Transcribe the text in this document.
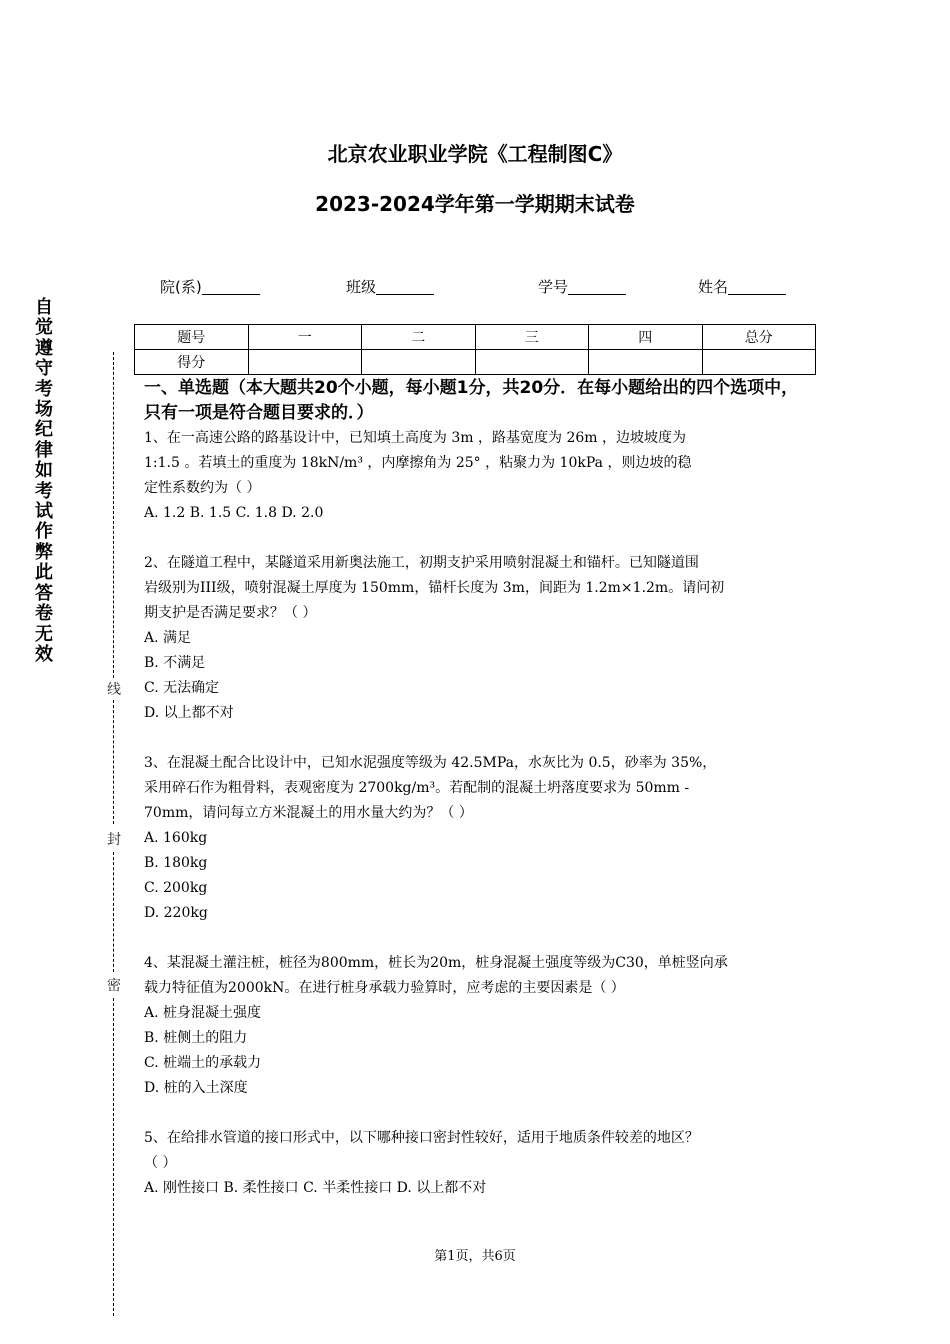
北京农业职业学院《工程制图C》
2023-2024学年第一学期期末试卷
院(系)	班级	学号	姓名
题号	一	二	三	四	总分
得分					
自觉遵守考场纪律如考试作弊此答卷无效
线
封
密
一、单选题（本大题共20个小题，每小题1分，共20分．在每小题给出的四个选项中，只有一项是符合题目要求的．）

1、在一高速公路的路基设计中，已知填土高度为 3m ，路基宽度为 26m ，边坡坡度为

1:1.5 。若填土的重度为 18kN/m³ ，内摩擦角为 25° ，粘聚力为 10kPa ，则边坡的稳

定性系数约为（ ）

A. 1.2 B. 1.5 C. 1.8 D. 2.0

2、在隧道工程中，某隧道采用新奥法施工，初期支护采用喷射混凝土和锚杆。已知隧道围

岩级别为III级，喷射混凝土厚度为 150mm，锚杆长度为 3m，间距为 1.2m×1.2m。请问初

期支护是否满足要求？（ ）

A. 满足

B. 不满足

C. 无法确定

D. 以上都不对

3、在混凝土配合比设计中，已知水泥强度等级为 42.5MPa，水灰比为 0.5，砂率为 35%，

采用碎石作为粗骨料，表观密度为 2700kg/m³。若配制的混凝土坍落度要求为 50mm -

70mm，请问每立方米混凝土的用水量大约为？（ ）

A. 160kg

B. 180kg

C. 200kg

D. 220kg

4、某混凝土灌注桩，桩径为800mm，桩长为20m，桩身混凝土强度等级为C30，单桩竖向承

载力特征值为2000kN。在进行桩身承载力验算时，应考虑的主要因素是（ ）

A. 桩身混凝土强度

B. 桩侧土的阻力

C. 桩端土的承载力

D. 桩的入土深度

5、在给排水管道的接口形式中，以下哪种接口密封性较好，适用于地质条件较差的地区？

（ ）

A. 刚性接口 B. 柔性接口 C. 半柔性接口 D. 以上都不对

第1页，共6页
